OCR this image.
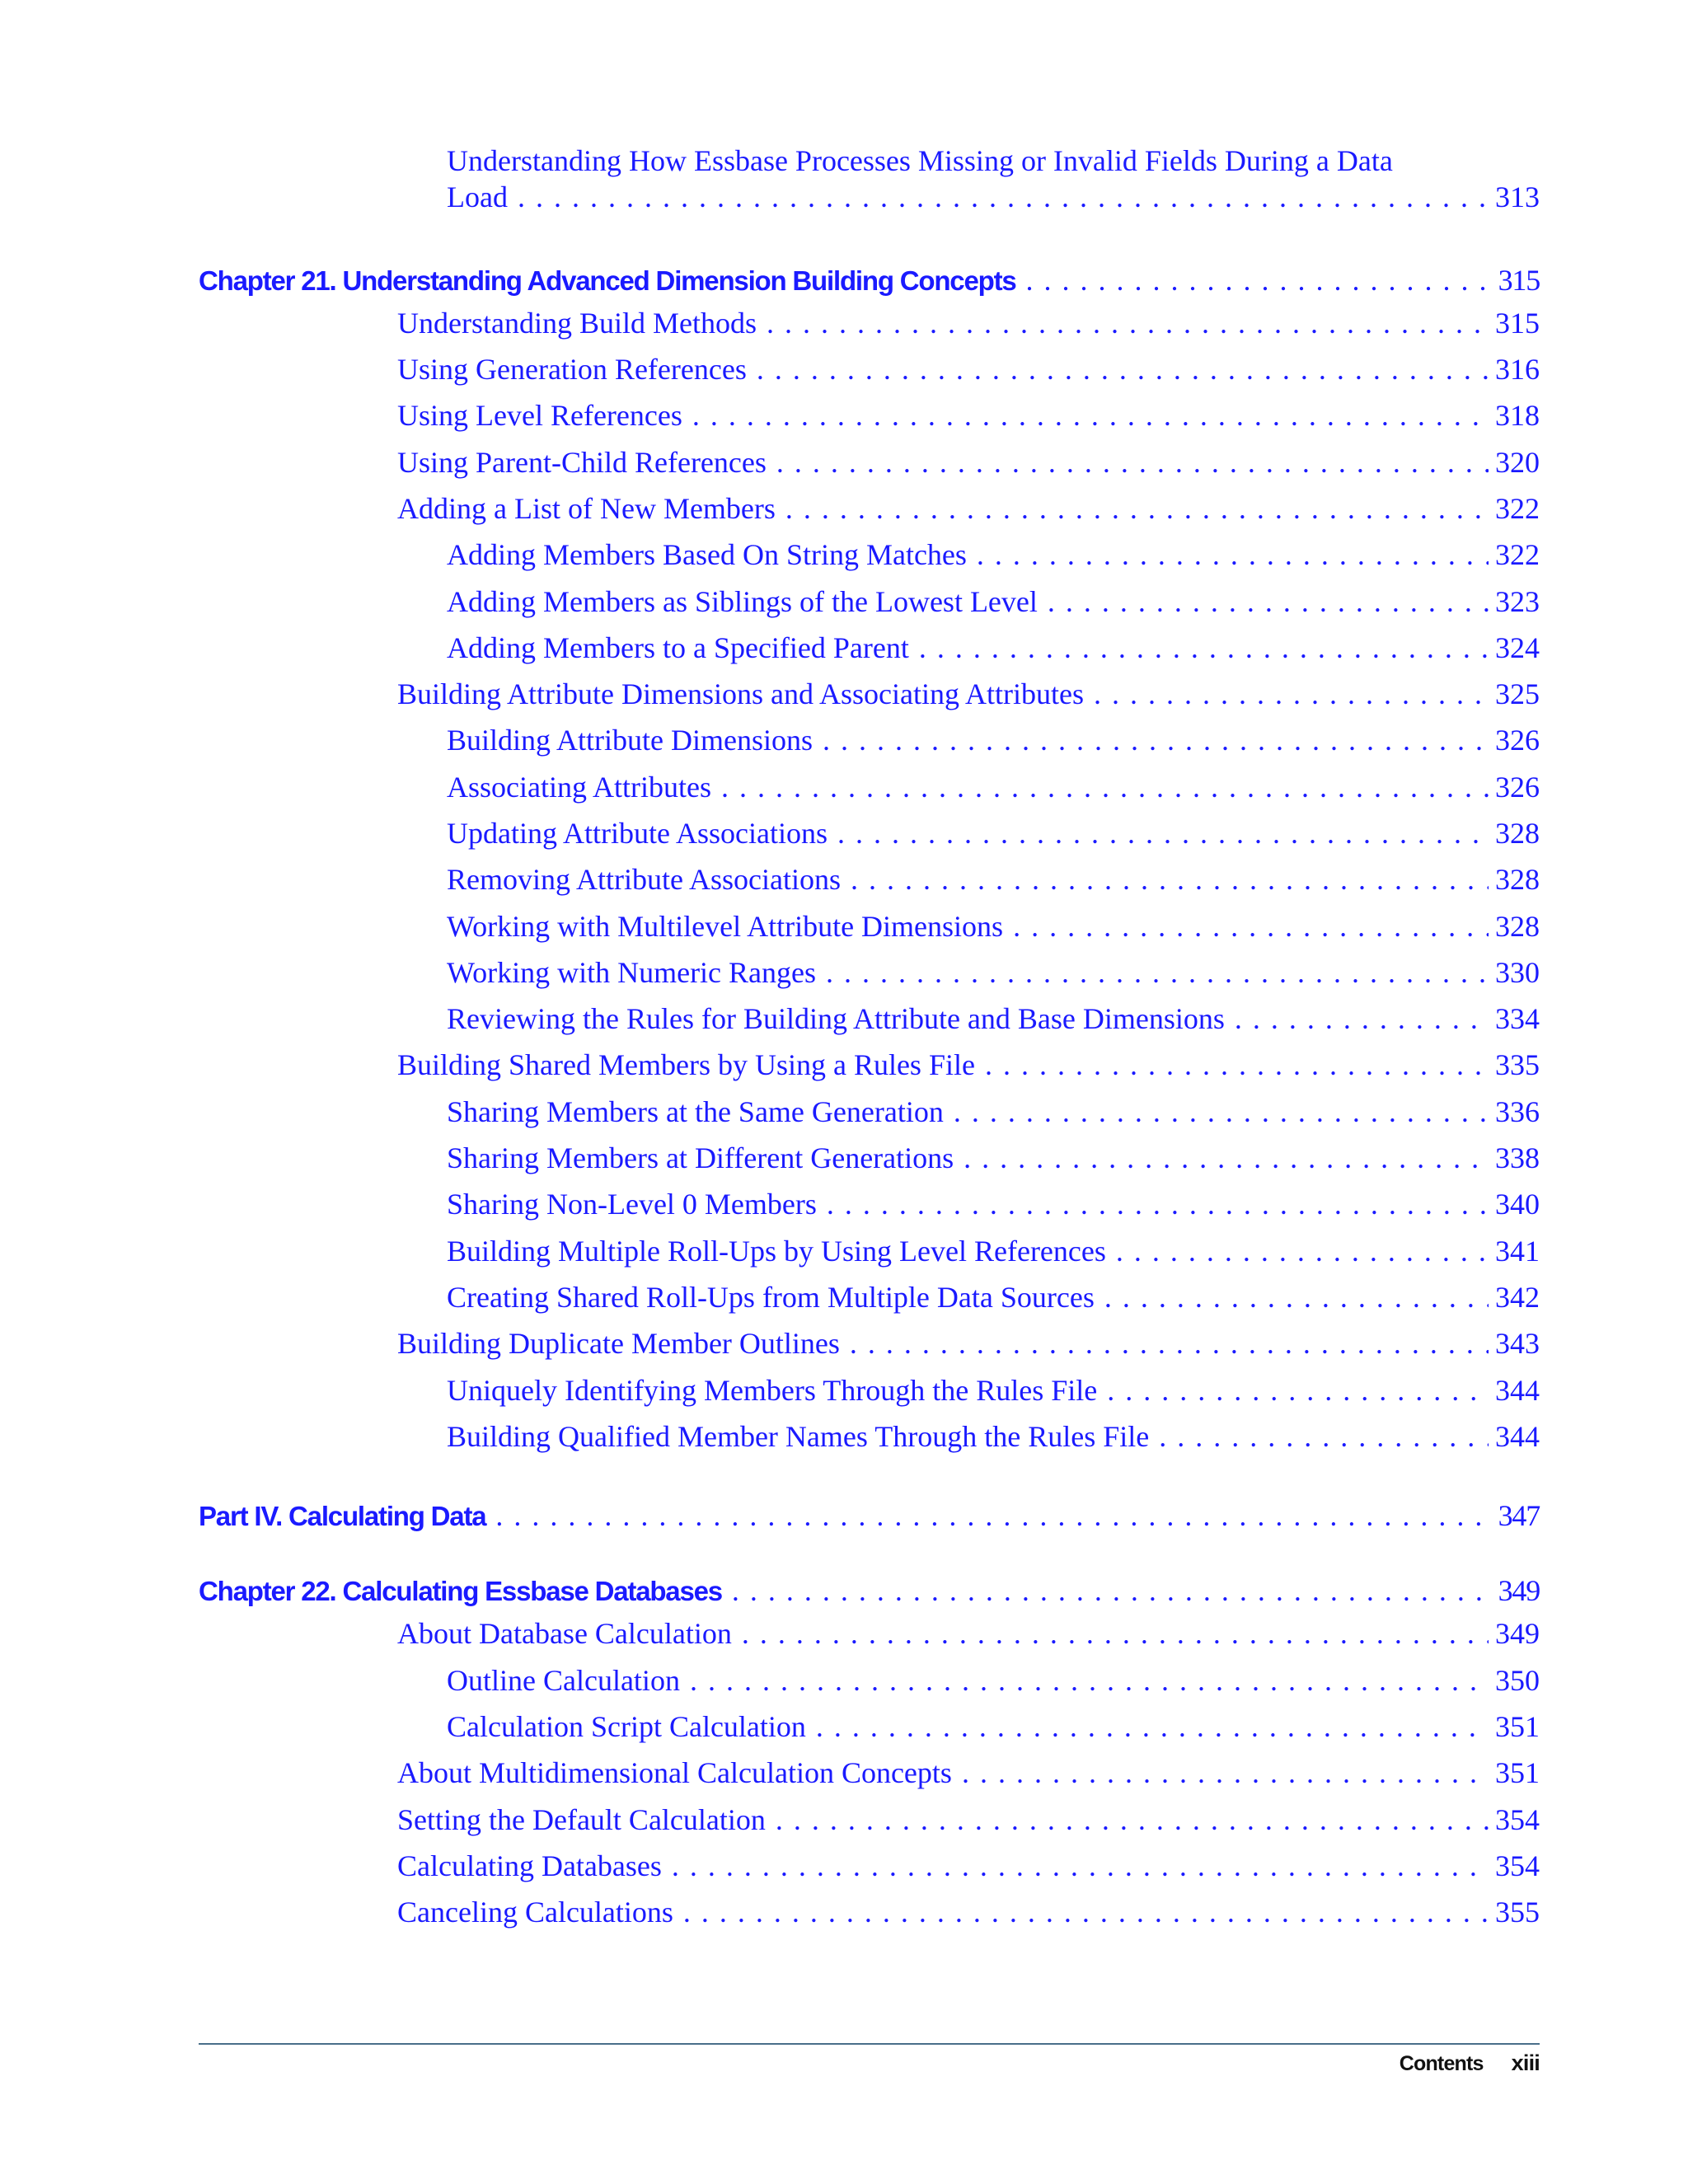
Understanding How Essbase Processes Missing or Invalid Fields During a Data
Load . . .	313
Chapter 21. Understanding Advanced Dimension Building Concepts . . .	315
Understanding Build Methods . . .	315
Using Generation References . . .	316
Using Level References . . .	318
Using Parent-Child References . . .	320
Adding a List of New Members . . .	322
Adding Members Based On String Matches . . .	322
Adding Members as Siblings of the Lowest Level . . .	323
Adding Members to a Specified Parent . . .	324
Building Attribute Dimensions and Associating Attributes . . .	325
Building Attribute Dimensions . . .	326
Associating Attributes . . .	326
Updating Attribute Associations . . .	328
Removing Attribute Associations . . .	328
Working with Multilevel Attribute Dimensions . . .	328
Working with Numeric Ranges . . .	330
Reviewing the Rules for Building Attribute and Base Dimensions . . .	334
Building Shared Members by Using a Rules File . . .	335
Sharing Members at the Same Generation . . .	336
Sharing Members at Different Generations . . .	338
Sharing Non-Level 0 Members . . .	340
Building Multiple Roll-Ups by Using Level References . . .	341
Creating Shared Roll-Ups from Multiple Data Sources . . .	342
Building Duplicate Member Outlines . . .	343
Uniquely Identifying Members Through the Rules File . . .	344
Building Qualified Member Names Through the Rules File . . .	344
Part IV. Calculating Data . . .	347
Chapter 22. Calculating Essbase Databases . . .	349
About Database Calculation . . .	349
Outline Calculation . . .	350
Calculation Script Calculation . . .	351
About Multidimensional Calculation Concepts . . .	351
Setting the Default Calculation . . .	354
Calculating Databases . . .	354
Canceling Calculations . . .	355
Contents xiii
